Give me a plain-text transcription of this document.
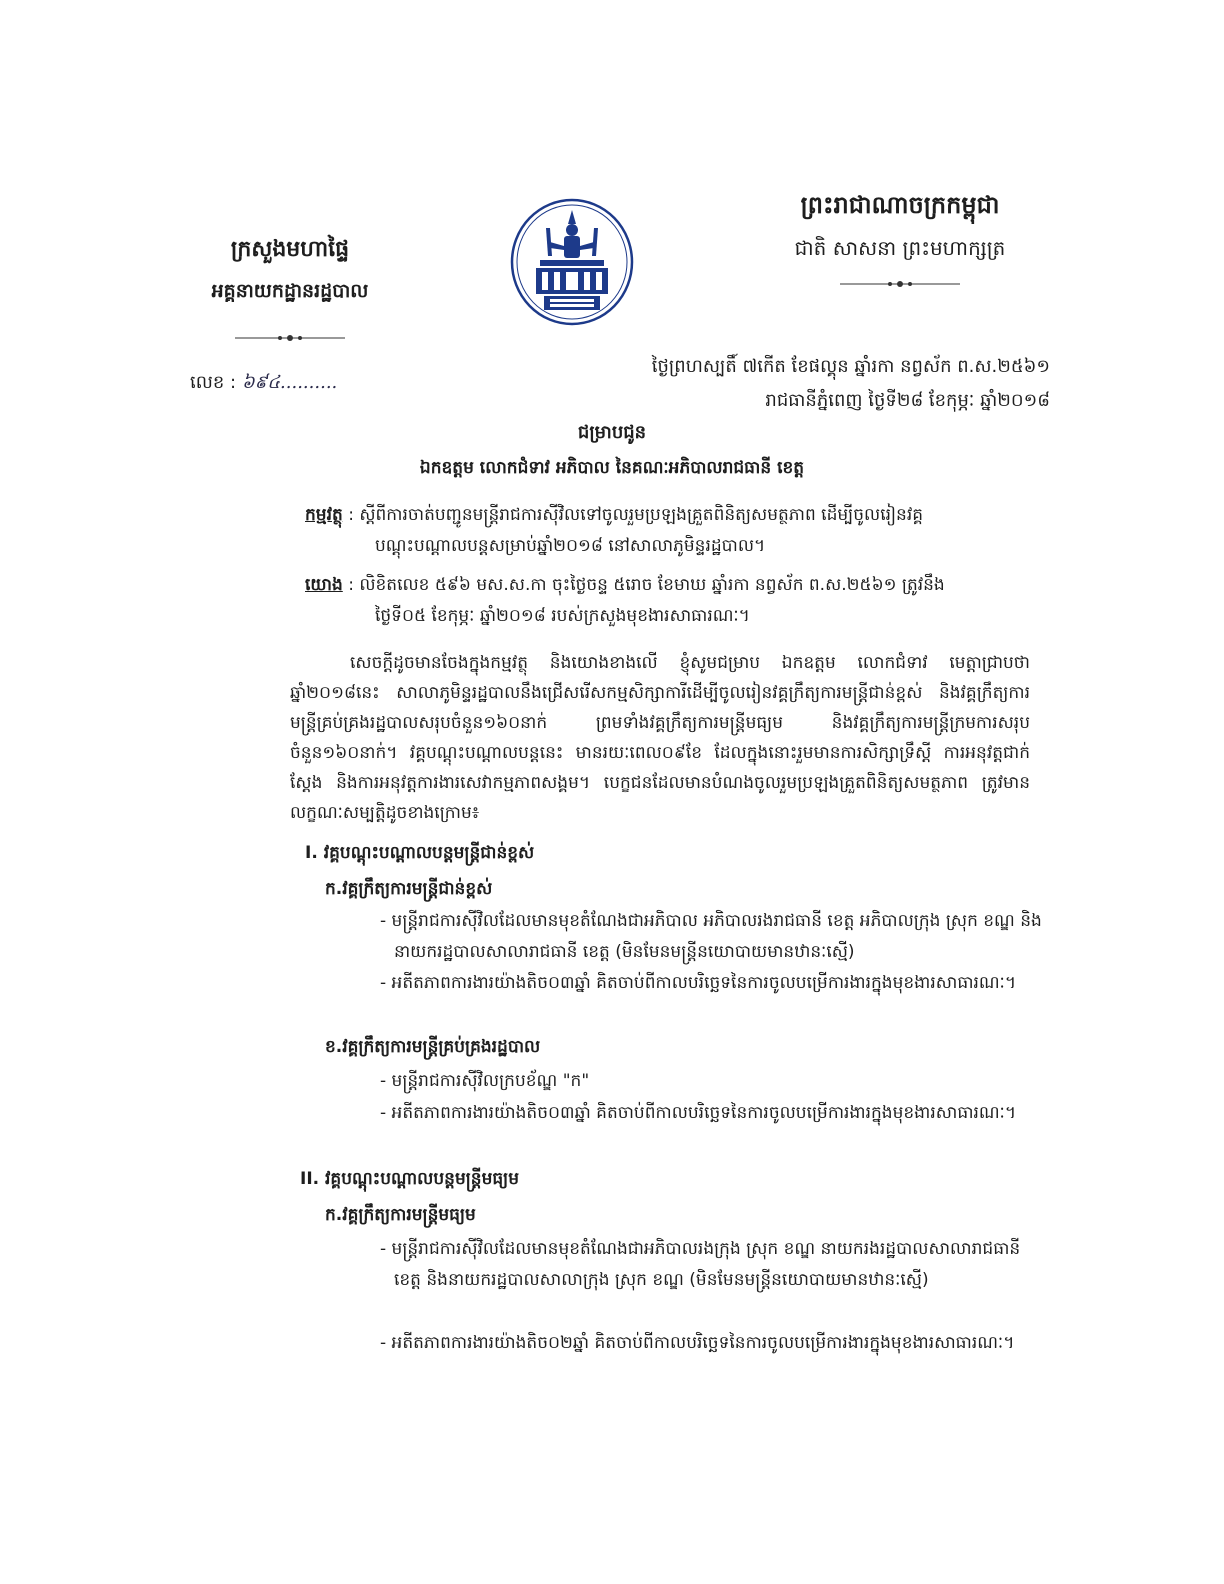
ព្រះរាជាណាចក្រកម្ពុជា
ជាតិ សាសនា ព្រះមហាក្សត្រ
ក្រសួងមហាផ្ទៃ
អគ្គនាយកដ្ឋានរដ្ឋបាល
លេខ : ៦៩៤..........
ថ្ងៃព្រហស្បតិ៍ ៧កើត ខែផល្គុន ឆ្នាំរកា នព្វស័ក ព.ស.២៥៦១
រាជធានីភ្នំពេញ ថ្ងៃទី២៨ ខែកុម្ភៈ ឆ្នាំ២០១៨
ជម្រាបជូន
ឯកឧត្តម លោកជំទាវ អភិបាល នៃគណៈអភិបាលរាជធានី ខេត្ត
កម្មវត្ថុ : ស្តីពីការចាត់បញ្ជូនមន្ត្រីរាជការស៊ីវិលទៅចូលរួមប្រឡងគ្រួតពិនិត្យសមត្ថភាព ដើម្បីចូលរៀនវគ្គ
បណ្តុះបណ្តាលបន្តសម្រាប់ឆ្នាំ២០១៨ នៅសាលាភូមិន្ទរដ្ឋបាល។
យោង : លិខិតលេខ ៥៩៦ មស.ស.កា ចុះថ្ងៃចន្ទ ៥រោច ខែមាឃ ឆ្នាំរកា នព្វស័ក ព.ស.២៥៦១ ត្រូវនឹង
ថ្ងៃទី០៥ ខែកុម្ភៈ ឆ្នាំ២០១៨ របស់ក្រសួងមុខងារសាធារណៈ។
សេចក្តីដូចមានចែងក្នុងកម្មវត្ថុ និងយោងខាងលើ ខ្ញុំសូមជម្រាប ឯកឧត្តម លោកជំទាវ មេត្តាជ្រាបថា ឆ្នាំ២០១៨នេះ សាលាភូមិន្ទរដ្ឋបាលនឹងជ្រើសរើសកម្មសិក្សាការីដើម្បីចូលរៀនវគ្គក្រឹត្យការមន្ត្រីជាន់ខ្ពស់ និងវគ្គក្រឹត្យការមន្ត្រីគ្រប់គ្រងរដ្ឋបាលសរុបចំនួន១៦០នាក់ ព្រមទាំងវគ្គក្រឹត្យការមន្ត្រីមធ្យម និងវគ្គក្រឹត្យការមន្ត្រីក្រមការសរុបចំនួន១៦០នាក់។ វគ្គបណ្តុះបណ្តាលបន្តនេះ មានរយៈពេល០៩ខែ ដែលក្នុងនោះរួមមានការសិក្សាទ្រឹស្តី ការអនុវត្តជាក់ស្តែង និងការអនុវត្តការងារសេវាកម្មភាពសង្គម។ បេក្ខជនដែលមានបំណងចូលរួមប្រឡងគ្រួតពិនិត្យសមត្ថភាព ត្រូវមានលក្ខណៈសម្បត្តិដូចខាងក្រោម៖
I. វគ្គបណ្តុះបណ្តាលបន្តមន្ត្រីជាន់ខ្ពស់
ក.វគ្គក្រឹត្យការមន្ត្រីជាន់ខ្ពស់
- មន្ត្រីរាជការស៊ីវិលដែលមានមុខតំណែងជាអភិបាល អភិបាលរងរាជធានី ខេត្ត អភិបាលក្រុង ស្រុក ខណ្ឌ និងនាយករដ្ឋបាលសាលារាជធានី ខេត្ត (មិនមែនមន្ត្រីនយោបាយមានឋានៈស្មើ)
- អតីតភាពការងារយ៉ាងតិច០៣ឆ្នាំ គិតចាប់ពីកាលបរិច្ឆេទនៃការចូលបម្រើការងារក្នុងមុខងារសាធារណៈ។
ខ.វគ្គក្រឹត្យការមន្ត្រីគ្រប់គ្រងរដ្ឋបាល
- មន្ត្រីរាជការស៊ីវិលក្របខ័ណ្ឌ "ក"
- អតីតភាពការងារយ៉ាងតិច០៣ឆ្នាំ គិតចាប់ពីកាលបរិច្ឆេទនៃការចូលបម្រើការងារក្នុងមុខងារសាធារណៈ។
II. វគ្គបណ្តុះបណ្តាលបន្តមន្ត្រីមធ្យម
ក.វគ្គក្រឹត្យការមន្ត្រីមធ្យម
- មន្ត្រីរាជការស៊ីវិលដែលមានមុខតំណែងជាអភិបាលរងក្រុង ស្រុក ខណ្ឌ នាយករងរដ្ឋបាលសាលារាជធានី ខេត្ត និងនាយករដ្ឋបាលសាលាក្រុង ស្រុក ខណ្ឌ (មិនមែនមន្ត្រីនយោបាយមានឋានៈស្មើ)
- អតីតភាពការងារយ៉ាងតិច០២ឆ្នាំ គិតចាប់ពីកាលបរិច្ឆេទនៃការចូលបម្រើការងារក្នុងមុខងារសាធារណៈ។
